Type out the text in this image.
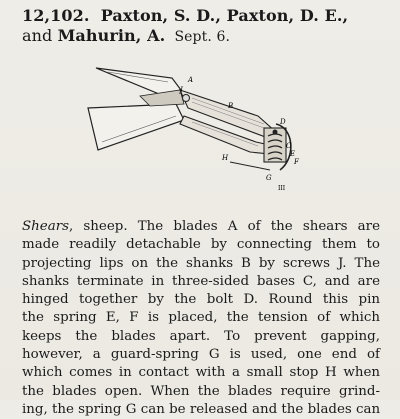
12,102. Paxton, S. D., Paxton, D. E.,
and Mahurin, A. Sept. 6.
A
B
C
D
E
F
G
H
J
III
Shears, sheep. The blades A of the shears are
made readily detachable by connecting them to
projecting lips on the shanks B by screws J. The
shanks terminate in three-sided bases C, and are
hinged together by the bolt D. Round this pin
the spring E, F is placed, the tension of which
keeps the blades apart. To prevent gapping,
however, a guard-spring G is used, one end of
which comes in contact with a small stop H when
the blades open. When the blades require grind-
ing, the spring G can be released and the blades can
